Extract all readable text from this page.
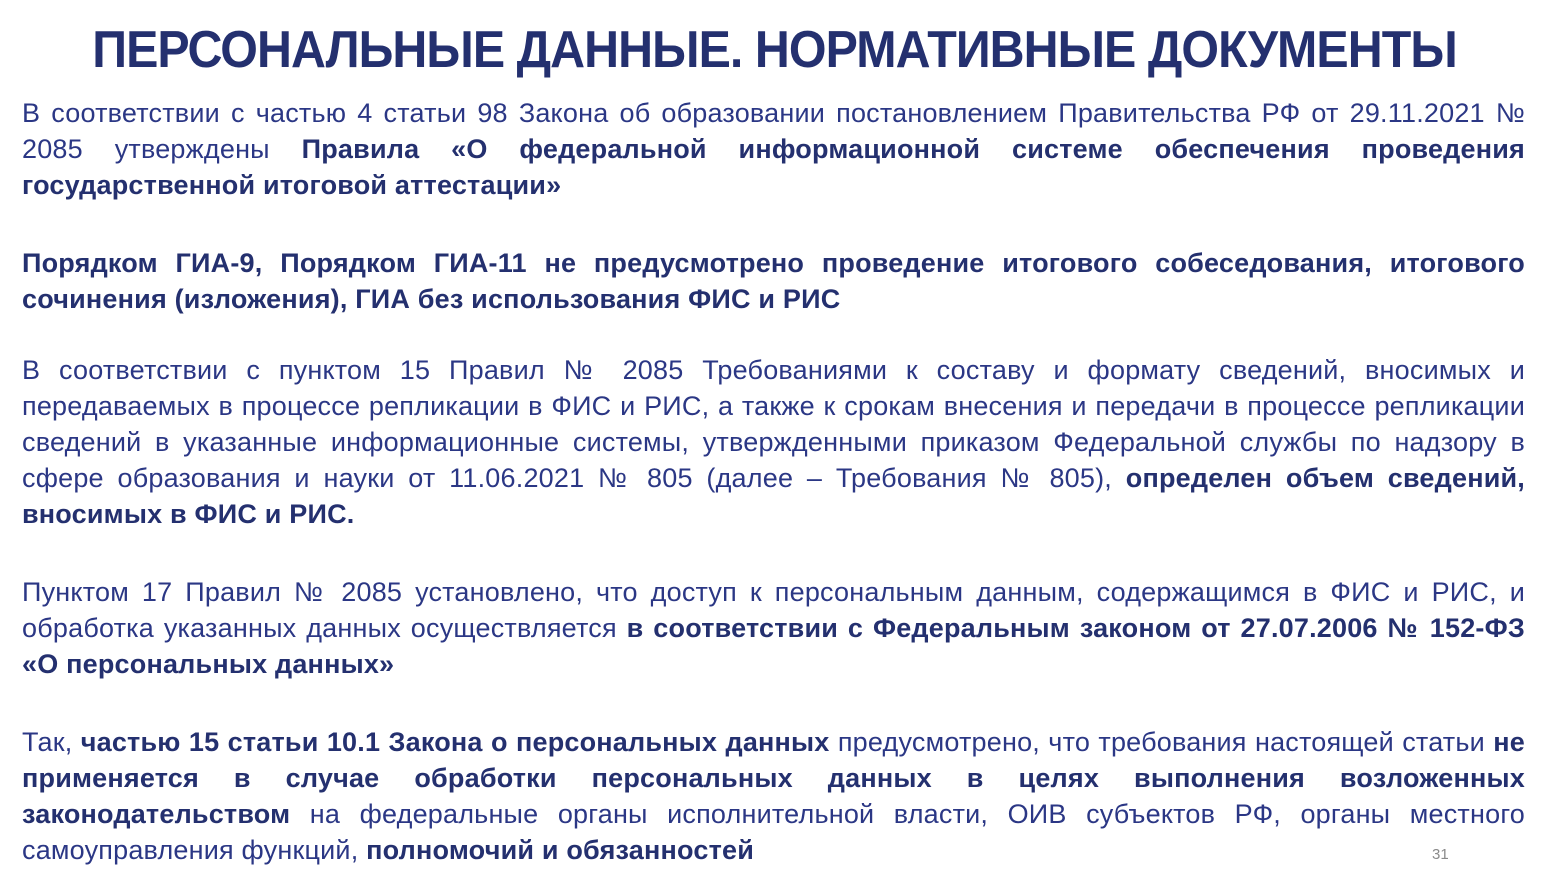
ПЕРСОНАЛЬНЫЕ ДАННЫЕ. НОРМАТИВНЫЕ ДОКУМЕНТЫ

В соответствии с частью 4 статьи 98 Закона об образовании постановлением Правительства РФ от 29.11.2021 № 2085 утверждены Правила «О федеральной информационной системе обеспечения проведения государственной итоговой аттестации»

Порядком ГИА-9, Порядком ГИА-11 не предусмотрено проведение итогового собеседования, итогового сочинения (изложения), ГИА без использования ФИС и РИС

В соответствии с пунктом 15 Правил № 2085 Требованиями к составу и формату сведений, вносимых и передаваемых в процессе репликации в ФИС и РИС, а также к срокам внесения и передачи в процессе репликации сведений в указанные информационные системы, утвержденными приказом Федеральной службы по надзору в сфере образования и науки от 11.06.2021 № 805 (далее – Требования № 805), определен объем сведений, вносимых в ФИС и РИС.

Пунктом 17 Правил № 2085 установлено, что доступ к персональным данным, содержащимся в ФИС и РИС, и обработка указанных данных осуществляется в соответствии с Федеральным законом от 27.07.2006 № 152-ФЗ «О персональных данных»

Так, частью 15 статьи 10.1 Закона о персональных данных предусмотрено, что требования настоящей статьи не применяется в случае обработки персональных данных в целях выполнения возложенных законодательством на федеральные органы исполнительной власти, ОИВ субъектов РФ, органы местного самоуправления функций, полномочий и обязанностей	31
